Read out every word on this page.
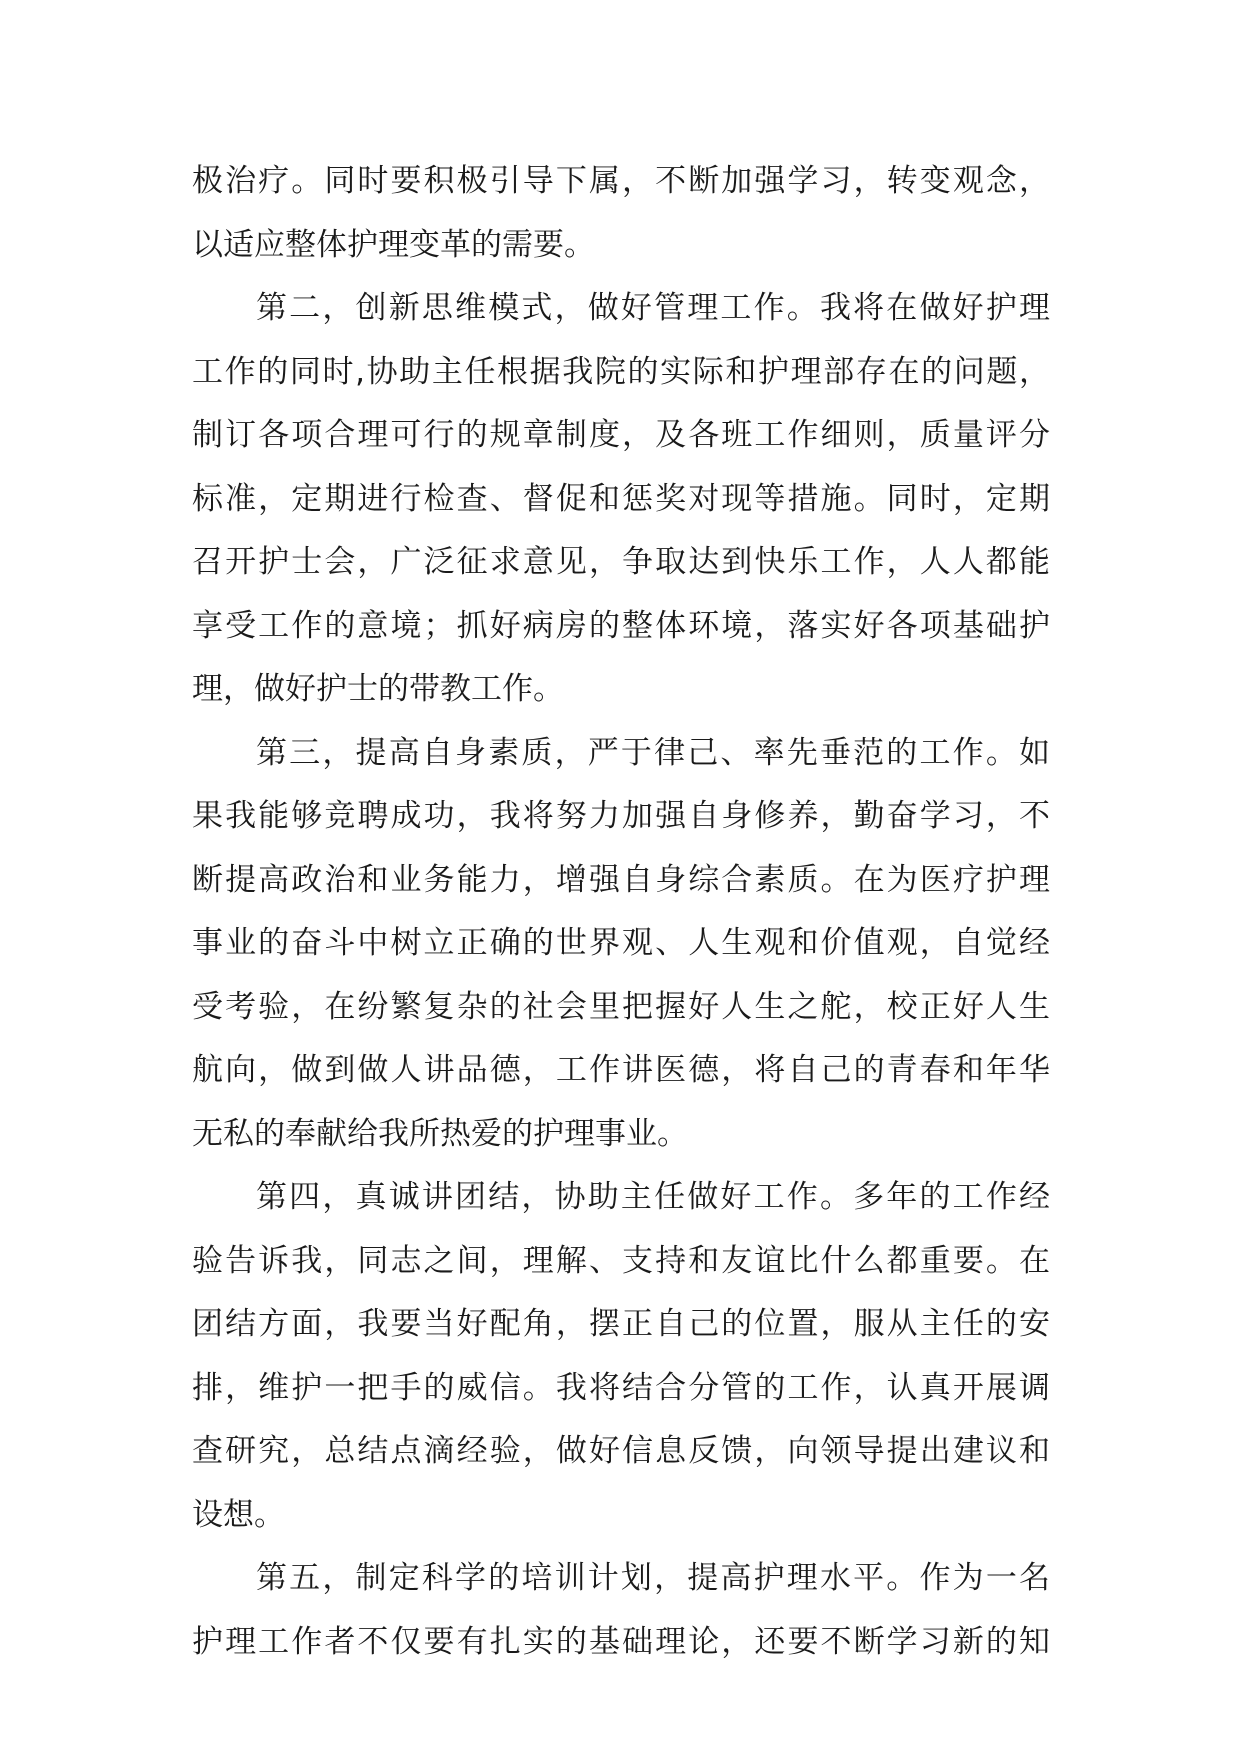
极治疗。同时要积极引导下属，不断加强学习，转变观念，
以适应整体护理变革的需要。
第二，创新思维模式，做好管理工作。我将在做好护理
工作的同时,协助主任根据我院的实际和护理部存在的问题，
制订各项合理可行的规章制度，及各班工作细则，质量评分
标准，定期进行检查、督促和惩奖对现等措施。同时，定期
召开护士会，广泛征求意见，争取达到快乐工作，人人都能
享受工作的意境；抓好病房的整体环境，落实好各项基础护
理，做好护士的带教工作。
第三，提高自身素质，严于律己、率先垂范的工作。如
果我能够竞聘成功，我将努力加强自身修养，勤奋学习，不
断提高政治和业务能力，增强自身综合素质。在为医疗护理
事业的奋斗中树立正确的世界观、人生观和价值观，自觉经
受考验，在纷繁复杂的社会里把握好人生之舵，校正好人生
航向，做到做人讲品德，工作讲医德，将自己的青春和年华
无私的奉献给我所热爱的护理事业。
第四，真诚讲团结，协助主任做好工作。多年的工作经
验告诉我，同志之间，理解、支持和友谊比什么都重要。在
团结方面，我要当好配角，摆正自己的位置，服从主任的安
排，维护一把手的威信。我将结合分管的工作，认真开展调
查研究，总结点滴经验，做好信息反馈，向领导提出建议和
设想。
第五，制定科学的培训计划，提高护理水平。作为一名
护理工作者不仅要有扎实的基础理论，还要不断学习新的知
